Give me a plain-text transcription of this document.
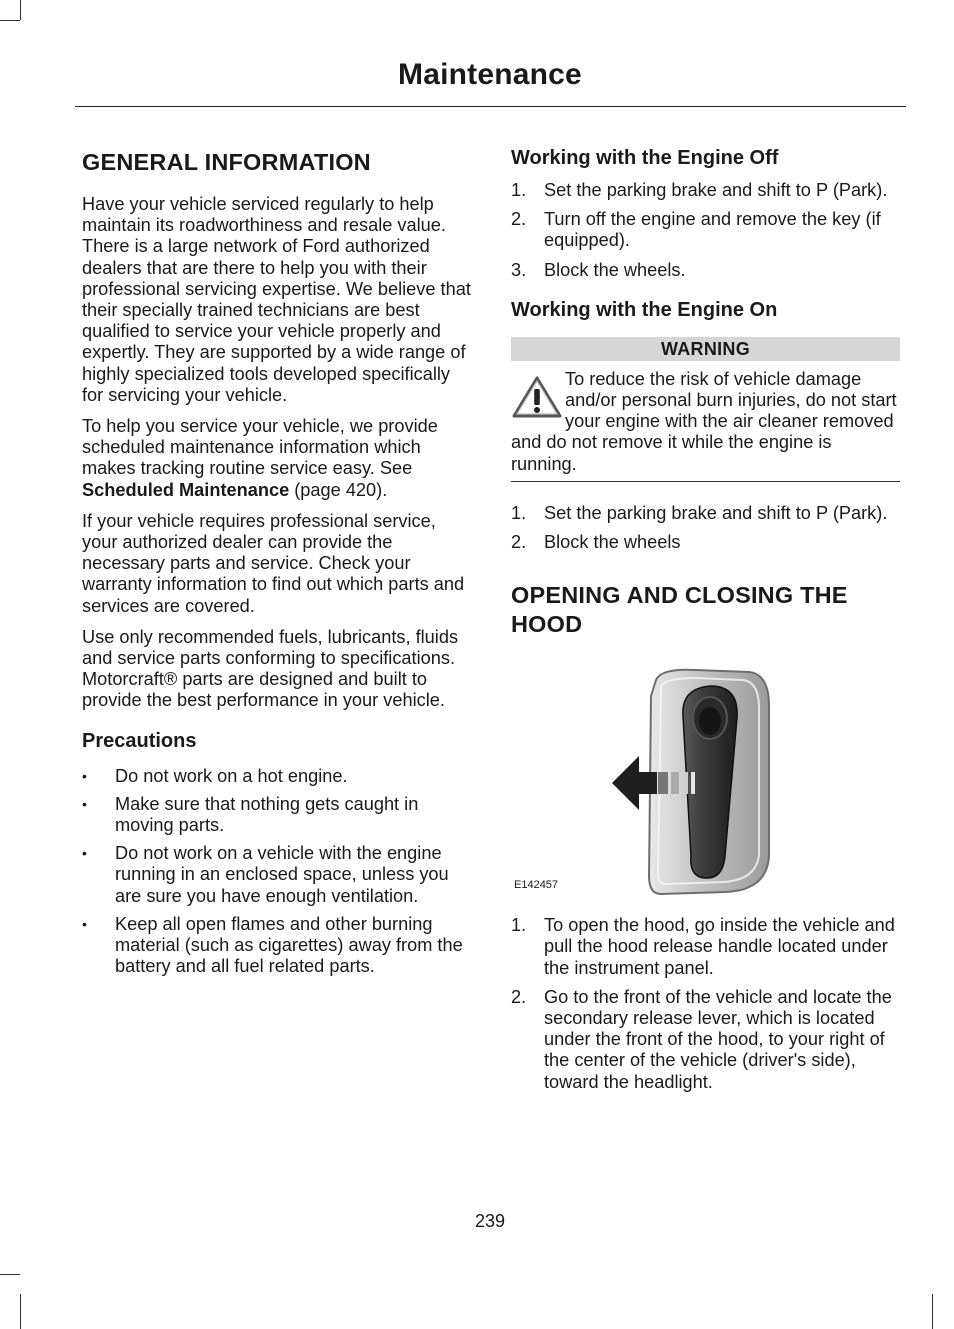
Maintenance
GENERAL INFORMATION

Have your vehicle serviced regularly to help maintain its roadworthiness and resale value. There is a large network of Ford authorized dealers that are there to help you with their professional servicing expertise. We believe that their specially trained technicians are best qualified to service your vehicle properly and expertly. They are supported by a wide range of highly specialized tools developed specifically for servicing your vehicle.

To help you service your vehicle, we provide scheduled maintenance information which makes tracking routine service easy. See Scheduled Maintenance (page 420).

If your vehicle requires professional service, your authorized dealer can provide the necessary parts and service. Check your warranty information to find out which parts and services are covered.

Use only recommended fuels, lubricants, fluids and service parts conforming to specifications. Motorcraft® parts are designed and built to provide the best performance in your vehicle.

Precautions
• Do not work on a hot engine.
• Make sure that nothing gets caught in moving parts.
• Do not work on a vehicle with the engine running in an enclosed space, unless you are sure you have enough ventilation.
• Keep all open flames and other burning material (such as cigarettes) away from the battery and all fuel related parts.
Working with the Engine Off
1. Set the parking brake and shift to P (Park).
2. Turn off the engine and remove the key (if equipped).
3. Block the wheels.
Working with the Engine On
WARNING

To reduce the risk of vehicle damage and/or personal burn injuries, do not start your engine with the air cleaner removed and do not remove it while the engine is running.

1. Set the parking brake and shift to P (Park).
2. Block the wheels
OPENING AND CLOSING THE HOOD
E142457
1. To open the hood, go inside the vehicle and pull the hood release handle located under the instrument panel.
2. Go to the front of the vehicle and locate the secondary release lever, which is located under the front of the hood, to your right of the center of the vehicle (driver's side), toward the headlight.
239
